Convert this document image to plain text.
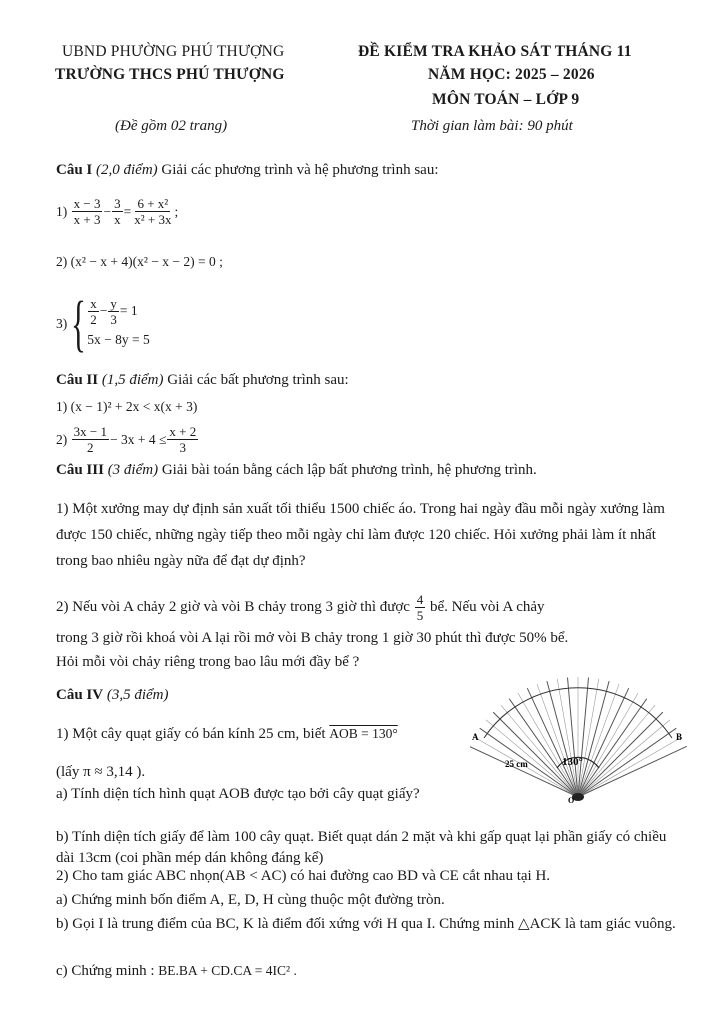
UBND PHƯỜNG PHÚ THƯỢNG
TRƯỜNG THCS PHÚ THƯỢNG
(Đề gồm 02 trang)
ĐỀ KIỂM TRA KHẢO SÁT THÁNG 11
NĂM HỌC: 2025 – 2026
MÔN TOÁN – LỚP 9
Thời gian làm bài: 90 phút
Câu I (2,0 điểm) Giải các phương trình và hệ phương trình sau:
1)
$\frac{x - 3}{x + 3} - \frac{3}{x} = \frac{\text{6 + x²}}{\text{x² + 3x}}$ ;
2) (x² − x + 4)(x² − x − 2) = 0 ;
3) { $\frac{x}{2} - \frac{y}{3} = 1$
5x − 8y = 5
Câu II (1,5 điểm) Giải các bất phương trình sau:
1) (x − 1)² + 2x < x(x + 3)
2)
$\frac{3x - 1}{2} - 3x + 4 \le \frac{x + 2}{3}$
Câu III (3 điểm) Giải bài toán bằng cách lập bất phương trình, hệ phương trình.
1) Một xưởng may dự định sản xuất tối thiểu 1500 chiếc áo. Trong hai ngày đầu mỗi ngày xưởng làm được 150 chiếc, những ngày tiếp theo mỗi ngày chỉ làm được 120 chiếc. Hỏi xưởng phải làm ít nhất trong bao nhiêu ngày nữa để đạt dự định?
2) Nếu vòi A chảy 2 giờ và vòi B chảy trong 3 giờ thì được
$\frac{4}{5}$
bể. Nếu vòi A chảy
trong 3 giờ rồi khoá vòi A lại rồi mở vòi B chảy trong 1 giờ 30 phút thì được 50% bể.
Hỏi mỗi vòi chảy riêng trong bao lâu mới đầy bể ?
Câu IV (3,5 điểm)
1) Một cây quạt giấy có bán kính 25 cm, biết AOB = 130°
(lấy π ≈ 3,14 ).
a) Tính diện tích hình quạt AOB được tạo bởi cây quạt giấy?
b) Tính diện tích giấy để làm 100 cây quạt. Biết quạt dán 2 mặt và khi gấp quạt lại phần giấy có chiều dài 13cm (coi phần mép dán không đáng kể)
2) Cho tam giác ABC nhọn(AB < AC) có hai đường cao BD và CE cắt nhau tại H.
a) Chứng minh bốn điểm A, E, D, H cùng thuộc một đường tròn.
b) Gọi I là trung điểm của BC, K là điểm đối xứng với H qua I. Chứng minh △ACK là tam giác vuông.
c) Chứng minh : BE.BA + CD.CA = 4IC² .
A	B
O
25 cm	130°
